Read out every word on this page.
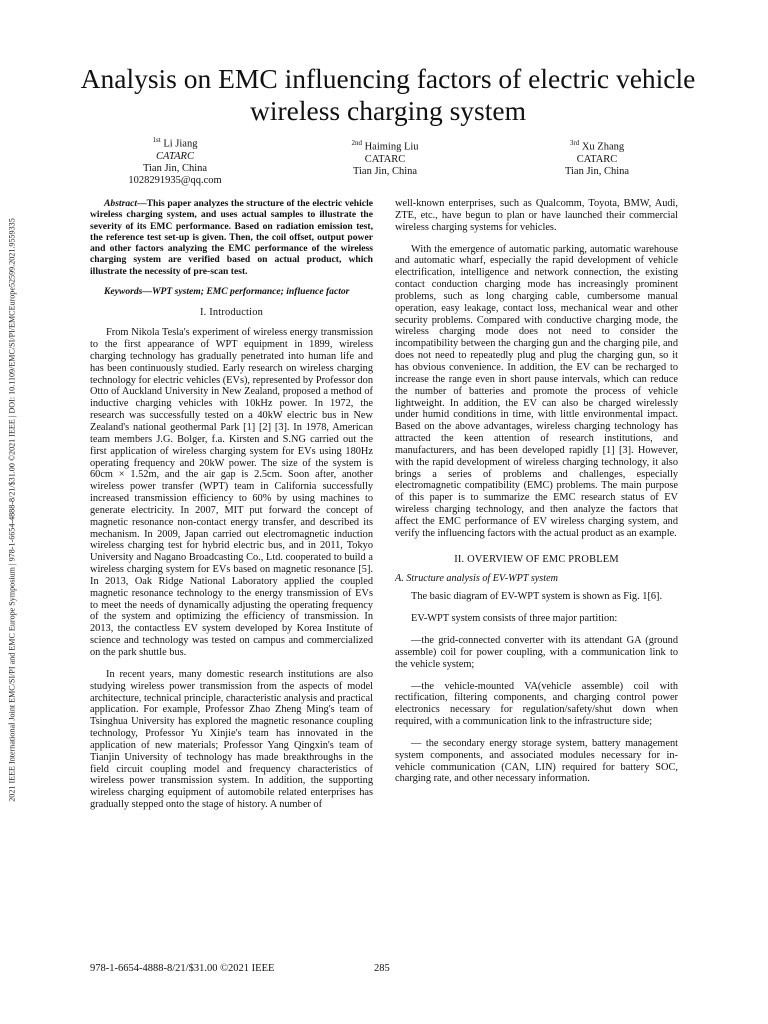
2021 IEEE International Joint EMC/SI/PI and EMC Europe Symposium | 978-1-6654-4888-8/21/$31.00 ©2021 IEEE | DOI: 10.1109/EMC/SI/PI/EMCEurope52599.2021.9559335
Analysis on EMC influencing factors of electric vehicle wireless charging system
$^{1st}$ Li Jiang
CATARC
Tian Jin, China
1028291935@qq.com
$^{2nd}$ Haiming Liu
CATARC
Tian Jin, China
$^{3rd}$ Xu Zhang
CATARC
Tian Jin, China

Abstract—This paper analyzes the structure of the electric vehicle wireless charging system, and uses actual samples to illustrate the severity of its EMC performance. Based on radiation emission test, the reference test set-up is given. Then, the coil offset, output power and other factors analyzing the EMC performance of the wireless charging system are verified based on actual product, which illustrate the necessity of pre-scan test.

Keywords—WPT system; EMC performance; influence factor

I. Introduction

From Nikola Tesla's experiment of wireless energy transmission to the first appearance of WPT equipment in 1899, wireless charging technology has gradually penetrated into human life and has been continuously studied. Early research on wireless charging technology for electric vehicles (EVs), represented by Professor don Otto of Auckland University in New Zealand, proposed a method of inductive charging vehicles with 10kHz power. In 1972, the research was successfully tested on a 40kW electric bus in New Zealand's national geothermal Park [1] [2] [3]. In 1978, American team members J.G. Bolger, f.a. Kirsten and S.NG carried out the first application of wireless charging system for EVs using 180Hz operating frequency and 20kW power. The size of the system is 60cm × 1.52m, and the air gap is 2.5cm. Soon after, another wireless power transfer (WPT) team in California successfully increased transmission efficiency to 60% by using machines to generate electricity. In 2007, MIT put forward the concept of magnetic resonance non-contact energy transfer, and described its mechanism. In 2009, Japan carried out electromagnetic induction wireless charging test for hybrid electric bus, and in 2011, Tokyo University and Nagano Broadcasting Co., Ltd. cooperated to build a wireless charging system for EVs based on magnetic resonance [5]. In 2013, Oak Ridge National Laboratory applied the coupled magnetic resonance technology to the energy transmission of EVs to meet the needs of dynamically adjusting the operating frequency of the system and optimizing the efficiency of transmission. In 2013, the contactless EV system developed by Korea Institute of science and technology was tested on campus and commercialized on the park shuttle bus.

In recent years, many domestic research institutions are also studying wireless power transmission from the aspects of model architecture, technical principle, characteristic analysis and practical application. For example, Professor Zhao Zheng Ming's team of Tsinghua University has explored the magnetic resonance coupling technology, Professor Yu Xinjie's team has innovated in the application of new materials; Professor Yang Qingxin's team of Tianjin University of technology has made breakthroughs in the field circuit coupling model and frequency characteristics of wireless power transmission system. In addition, the supporting wireless charging equipment of automobile related enterprises has gradually stepped onto the stage of history. A number of

well-known enterprises, such as Qualcomm, Toyota, BMW, Audi, ZTE, etc., have begun to plan or have launched their commercial wireless charging systems for vehicles.

With the emergence of automatic parking, automatic warehouse and automatic wharf, especially the rapid development of vehicle electrification, intelligence and network connection, the existing contact conduction charging mode has increasingly prominent problems, such as long charging cable, cumbersome manual operation, easy leakage, contact loss, mechanical wear and other security problems. Compared with conductive charging mode, the wireless charging mode does not need to consider the incompatibility between the charging gun and the charging pile, and does not need to repeatedly plug and plug the charging gun, so it has obvious convenience. In addition, the EV can be recharged to increase the range even in short pause intervals, which can reduce the number of batteries and promote the process of vehicle lightweight. In addition, the EV can also be charged wirelessly under humid conditions in time, with little environmental impact. Based on the above advantages, wireless charging technology has attracted the keen attention of research institutions, and manufacturers, and has been developed rapidly [1] [3]. However, with the rapid development of wireless charging technology, it also brings a series of problems and challenges, especially electromagnetic compatibility (EMC) problems. The main purpose of this paper is to summarize the EMC research status of EV wireless charging technology, and then analyze the factors that affect the EMC performance of EV wireless charging system, and verify the influencing factors with the actual product as an example.

II. OVERVIEW OF EMC PROBLEM
A. Structure analysis of EV-WPT system

The basic diagram of EV-WPT system is shown as Fig. 1[6].

EV-WPT system consists of three major partition:

—the grid-connected converter with its attendant GA (ground assemble) coil for power coupling, with a communication link to the vehicle system;

—the vehicle-mounted VA(vehicle assemble) coil with rectification, filtering components, and charging control power electronics necessary for regulation/safety/shut down when required, with a communication link to the infrastructure side;

— the secondary energy storage system, battery management system components, and associated modules necessary for in-vehicle communication (CAN, LIN) required for battery SOC, charging rate, and other necessary information.

978-1-6654-4888-8/21/$31.00 ©2021 IEEE	285
